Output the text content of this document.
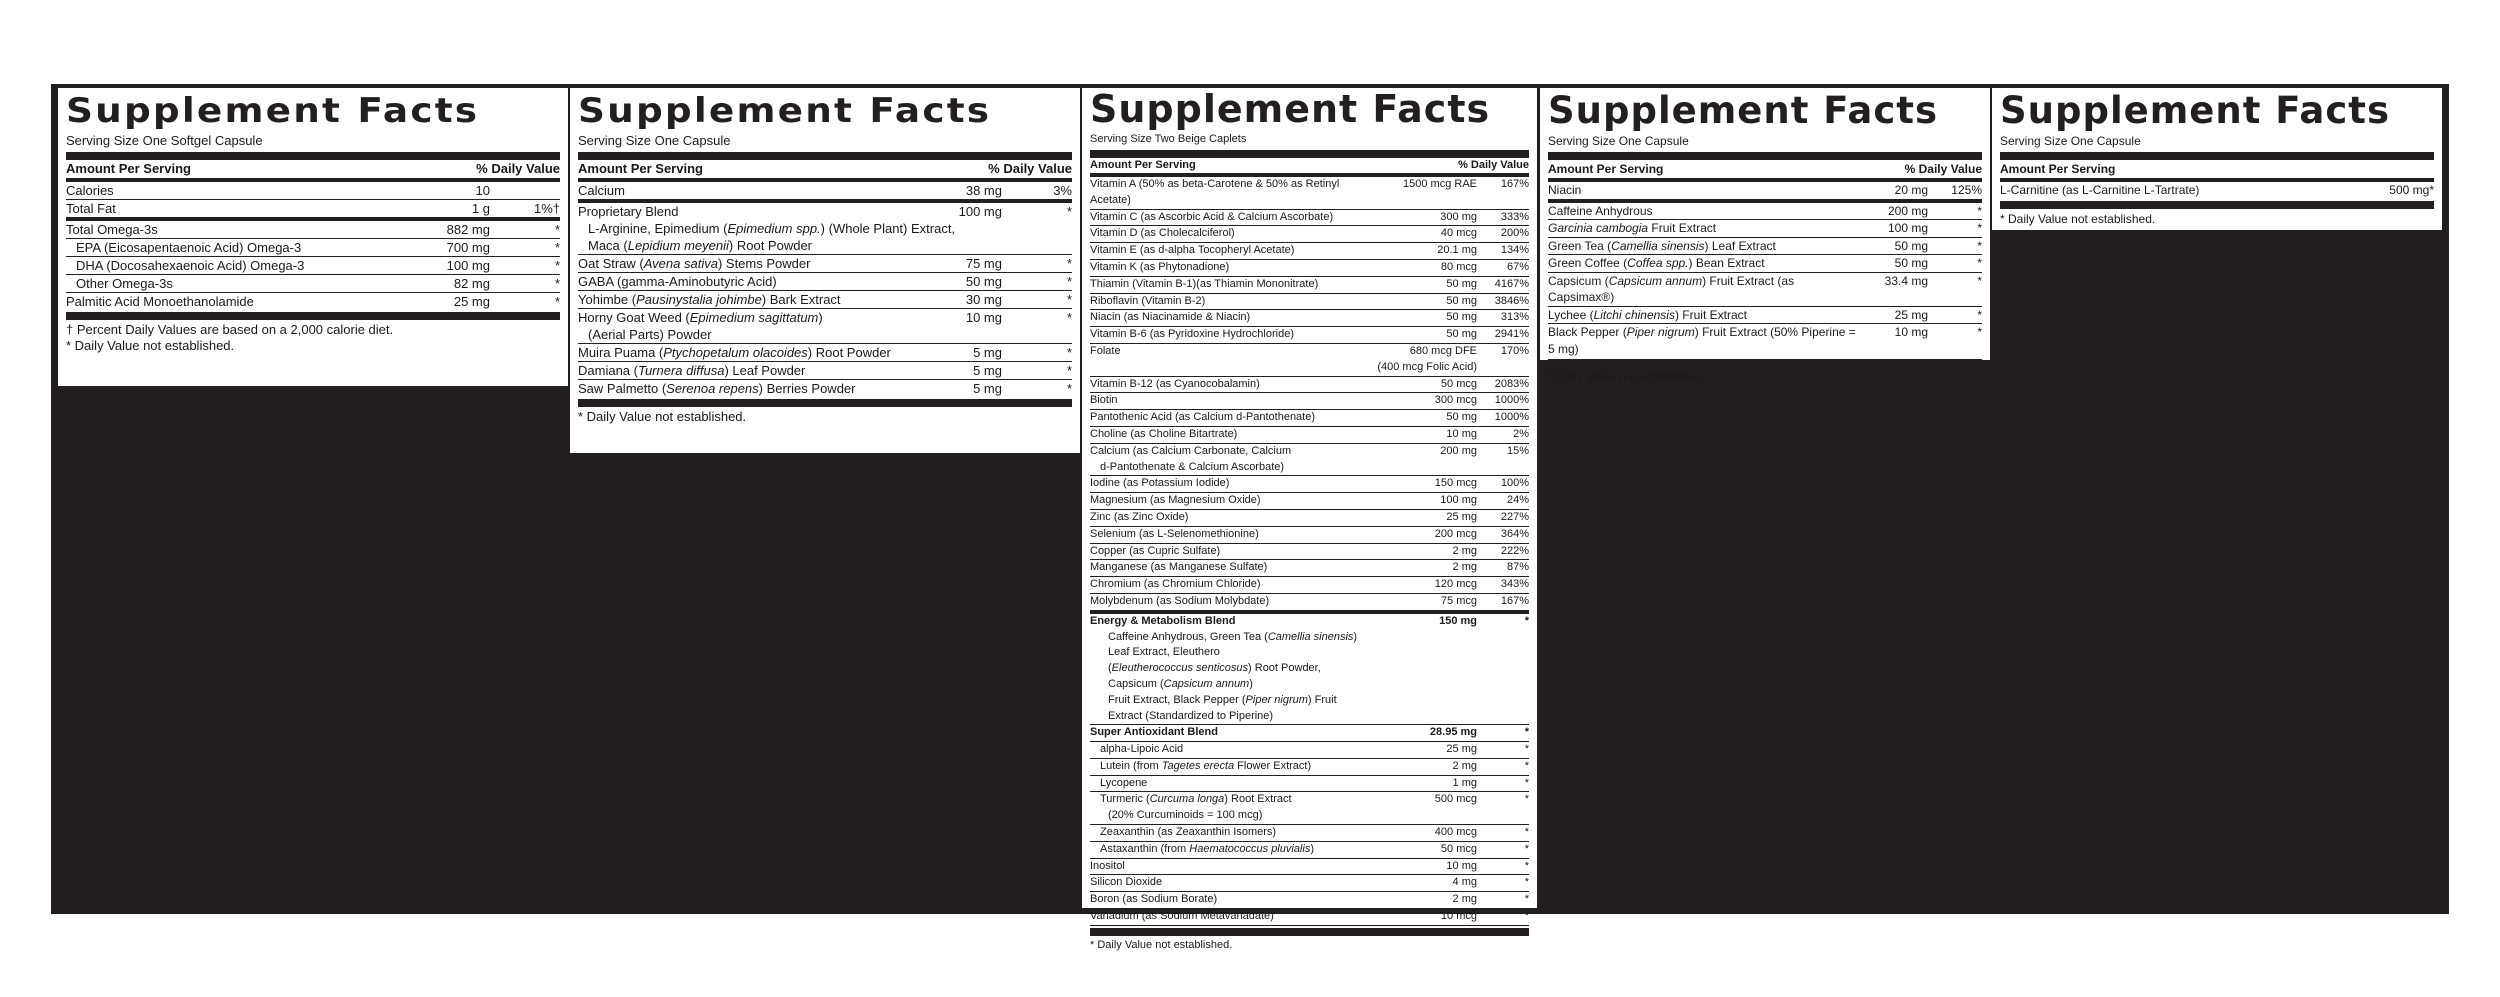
Supplement Facts
Serving Size One Softgel Capsule
Amount Per Serving	% Daily Value
Calories	10
Total Fat	1 g	1%†
Total Omega-3s	882 mg	*
EPA (Eicosapentaenoic Acid) Omega-3	700 mg	*
DHA (Docosahexaenoic Acid) Omega-3	100 mg	*
Other Omega-3s	82 mg	*
Palmitic Acid Monoethanolamide	25 mg	*
† Percent Daily Values are based on a 2,000 calorie diet.
* Daily Value not established.
Supplement Facts
Serving Size One Capsule
Amount Per Serving	% Daily Value
Calcium	38 mg	3%
Proprietary Blend	100 mg	*
L-Arginine, Epimedium (Epimedium spp.) (Whole Plant) Extract,
Maca (Lepidium meyenii) Root Powder
Oat Straw (Avena sativa) Stems Powder	75 mg	*
GABA (gamma-Aminobutyric Acid)	50 mg	*
Yohimbe (Pausinystalia johimbe) Bark Extract	30 mg	*
Horny Goat Weed (Epimedium sagittatum)	10 mg	*
(Aerial Parts) Powder
Muira Puama (Ptychopetalum olacoides) Root Powder	5 mg	*
Damiana (Turnera diffusa) Leaf Powder	5 mg	*
Saw Palmetto (Serenoa repens) Berries Powder	5 mg	*
* Daily Value not established.
Supplement Facts
Serving Size Two Beige Caplets
Amount Per Serving	% Daily Value
Vitamin A (50% as beta-Carotene & 50% as Retinyl Acetate)
1500 mcg RAE	167%
Vitamin C (as Ascorbic Acid & Calcium Ascorbate)	300 mg	333%
Vitamin D (as Cholecalciferol)	40 mcg	200%
Vitamin E (as d-alpha Tocopheryl Acetate)	20.1 mg	134%
Vitamin K (as Phytonadione)	80 mcg	67%
Thiamin (Vitamin B-1)(as Thiamin Mononitrate)	50 mg	4167%
Riboflavin (Vitamin B-2)	50 mg	3846%
Niacin (as Niacinamide & Niacin)	50 mg	313%
Vitamin B-6 (as Pyridoxine Hydrochloride)	50 mg	2941%
Folate	680 mcg DFE	170%
(400 mcg Folic Acid)
Vitamin B-12 (as Cyanocobalamin)	50 mcg	2083%
Biotin	300 mcg	1000%
Pantothenic Acid (as Calcium d-Pantothenate)	50 mg	1000%
Choline (as Choline Bitartrate)	10 mg	2%
Calcium (as Calcium Carbonate, Calcium	200 mg	15%
d-Pantothenate & Calcium Ascorbate)
Iodine (as Potassium Iodide)	150 mcg	100%
Magnesium (as Magnesium Oxide)	100 mg	24%
Zinc (as Zinc Oxide)	25 mg	227%
Selenium (as L-Selenomethionine)	200 mcg	364%
Copper (as Cupric Sulfate)	2 mg	222%
Manganese (as Manganese Sulfate)	2 mg	87%
Chromium (as Chromium Chloride)	120 mcg	343%
Molybdenum (as Sodium Molybdate)	75 mcg	167%
Energy & Metabolism Blend	150 mg	*
Caffeine Anhydrous, Green Tea (Camellia sinensis) Leaf Extract, Eleuthero
(Eleutherococcus senticosus) Root Powder, Capsicum (Capsicum annum)
Fruit Extract, Black Pepper (Piper nigrum) Fruit Extract (Standardized to Piperine)
Super Antioxidant Blend	28.95 mg	*
alpha-Lipoic Acid	25 mg	*
Lutein (from Tagetes erecta Flower Extract)	2 mg	*
Lycopene	1 mg	*
Turmeric (Curcuma longa) Root Extract	500 mcg	*
(20% Curcuminoids = 100 mcg)
Zeaxanthin (as Zeaxanthin Isomers)	400 mcg	*
Astaxanthin (from Haematococcus pluvialis)	50 mcg	*
Inositol	10 mg	*
Silicon Dioxide	4 mg	*
Boron (as Sodium Borate)	2 mg	*
Vanadium (as Sodium Metavanadate)	10 mcg	*
* Daily Value not established.
Supplement Facts
Serving Size One Capsule
Amount Per Serving	% Daily Value
Niacin	20 mg	125%
Caffeine Anhydrous	200 mg	*
Garcinia cambogia Fruit Extract	100 mg	*
Green Tea (Camellia sinensis) Leaf Extract	50 mg	*
Green Coffee (Coffea spp.) Bean Extract	50 mg	*
Capsicum (Capsicum annum) Fruit Extract (as Capsimax®)
33.4 mg	*
Lychee (Litchi chinensis) Fruit Extract	25 mg	*
Black Pepper (Piper nigrum) Fruit Extract (50% Piperine = 5 mg)
10 mg	*
* Daily Value not established.
Supplement Facts
Serving Size One Capsule
Amount Per Serving
L-Carnitine (as L-Carnitine L-Tartrate)	500 mg*
* Daily Value not established.
